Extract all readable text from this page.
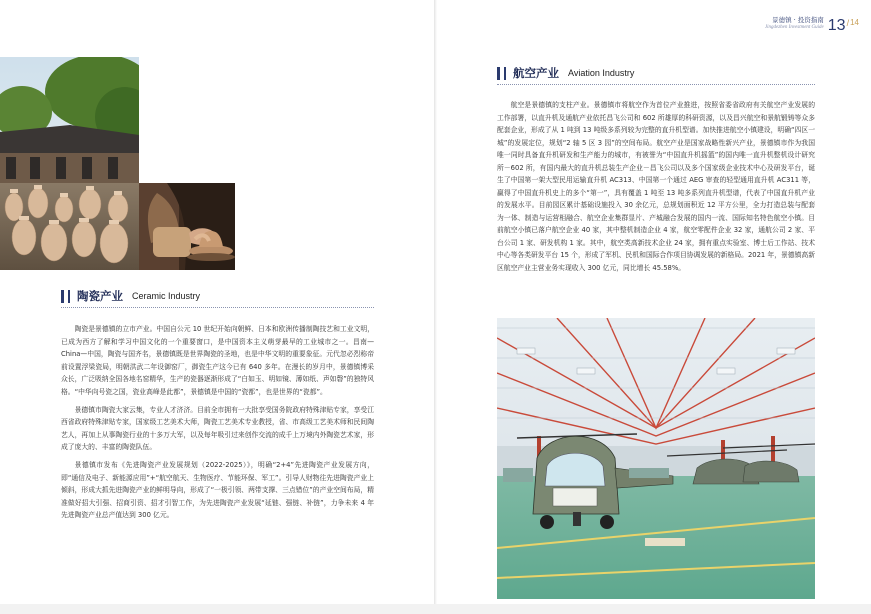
景德镇 · 投资指南
Jingdezhen Investment Guide 13 / 14
航空产业 Aviation Industry

航空是景德镇的支柱产业。景德镇市将航空作为首位产业推进，按照省委省政府有关航空产业发展的工作部署，以直升机及通航产业依托昌飞公司和 602 所雄厚的科研资源，以及昌兴航空和景航锻铸等众多配套企业，形成了从 1 吨到 13 吨级多系列较为完整的直升机型谱。加快推进航空小镇建设，明确“四区一城”的发展定位，规划“2 轴 5 区 3 园”的空间布局。航空产业是国家战略性新兴产业，景德镇市作为我国唯一同时具备直升机研发和生产能力的城市，有被誉为“中国直升机摇篮”的国内唯一直升机整机设计研究所－602 所，有国内最大的直升机总装生产企业－昌飞公司以及多个国家级企业技术中心及研发平台，诞生了中国第一架大型民用运输直升机 AC313、中国第一个通过 AEG 审查的轻型通用直升机 AC311 等，赢得了中国直升机史上的多个“第一”，具有覆盖 1 吨至 13 吨多系列直升机型谱，代表了中国直升机产业的发展水平。目前园区累计基础设施投入 30 余亿元，总规划面积近 12 平方公里，全力打造总装与配套为一体、制造与运营相融合、航空企业集群显片、产城融合发展的国内一流、国际知名特色航空小镇。目前航空小镇已落户航空企业 40 家，其中整机制造企业 4 家，航空零配件企业 32 家，通航公司 2 家、平台公司 1 家、研发机构 1 家。其中，航空类高新技术企业 24 家，拥有重点实验室、博士后工作站、技术中心等各类研发平台 15 个，形成了军机、民机和国际合作项目协调发展的新格局。2021 年，景德镇高新区航空产业主营业务实现收入 300 亿元，同比增长 45.58%。

陶瓷产业 Ceramic Industry

陶瓷是景德镇的立市产业。中国自公元 10 世纪开始向朝鲜、日本和欧洲传播制陶技艺和工业文明，已成为西方了解和学习中国文化的一个重要窗口，是中国资本主义萌芽最早的工业城市之一。昌南—China—中国，陶瓷与国齐名，景德镇既是世界陶瓷的圣地，也是中华文明的重要象征。元代忽必烈称帝前设置浮梁瓷局，明朝洪武二年设御窑厂，御瓷生产这今已有 640 多年。在漫长的岁月中，景德镇博采众长，广泛吸纳全国各地名窑精华，生产的瓷器逐渐形成了“白如玉、明如镜、薄如纸、声如磬”的独特风格。“中华向号瓷之国，瓷业高峰是此都”，景德镇是中国的“瓷都”，也是世界的“瓷都”。

景德镇市陶瓷大家云集，专业人才济济。目前全市拥有一大批享受国务院政府特殊津贴专家，享受江西省政府特殊津贴专家，国家级工艺美术大师，陶瓷工艺美术专业教授，省、市高级工艺美术师和民间陶艺人，再加上从事陶瓷行业的十多万大军，以及每年吸引过来创作交流的成千上万境内外陶瓷艺术家，形成了庞大的、丰富的陶瓷队伍。

景德镇市发布《先进陶瓷产业发展规划（2022-2025）》，明确“2+4”先进陶瓷产业发展方向，即“通信及电子、新能源应用”+“航空航天、生物医疗、节能环保、军工”。引导人财物往先进陶瓷产业上倾斜，形成大抓先进陶瓷产业的鲜明导向，形成了“一极引领、两带支撑、三点错位”的产业空间布局，精准做好招大引强、招商引资、招才引智工作，为先进陶瓷产业发展“延链、强链、补链”，力争未来 4 年先进陶瓷产业总产值达到 300 亿元。
